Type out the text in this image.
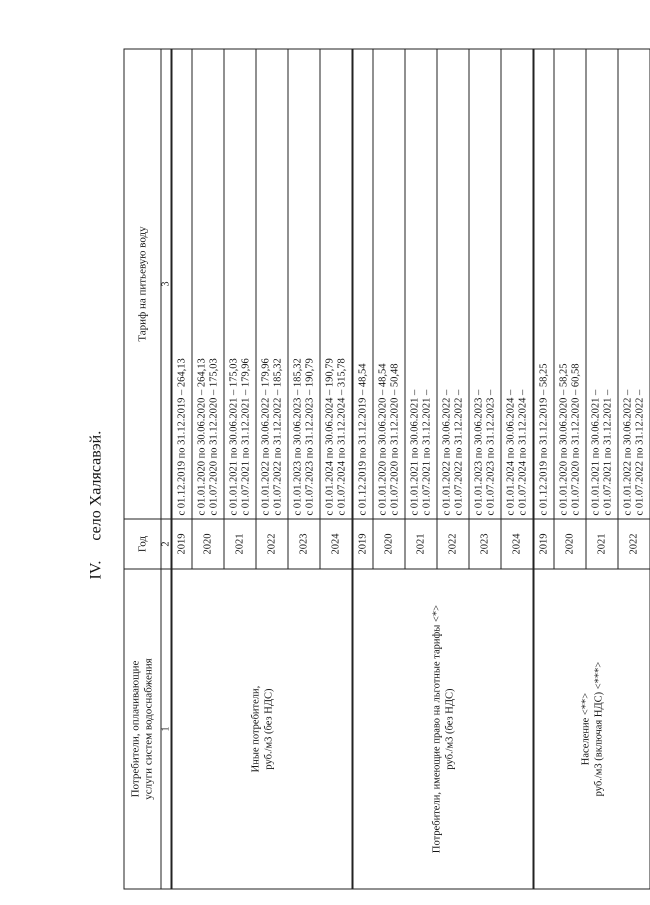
IV.     село Халясавэй.
Потребители, оплачивающие услуги систем водоснабжения	Год	Тариф на питьевую воду
1	2	3

Иные потребители, руб./м3 (без НДС)	2019	с 01.12.2019 по 31.12.2019 – 264,13

	2020	с 01.01.2020 по 30.06.2020 – 264,13 с 01.07.2020 по 31.12.2020 – 175,03

	2021	с 01.01.2021 по 30.06.2021 – 175,03 с 01.07.2021 по 31.12.2021 – 179,96

	2022	с 01.01.2022 по 30.06.2022 – 179,96 с 01.07.2022 по 31.12.2022 – 185,32

	2023	с 01.01.2023 по 30.06.2023 – 185,32 с 01.07.2023 по 31.12.2023 – 190,79

	2024	с 01.01.2024 по 30.06.2024 – 190,79 с 01.07.2024 по 31.12.2024 – 315,78

Потребители, имеющие право на льготные тарифы <*> руб./м3 (без НДС)	2019	с 01.12.2019 по 31.12.2019 – 48,54

	2020	с 01.01.2020 по 30.06.2020 – 48,54 с 01.07.2020 по 31.12.2020 – 50,48

	2021	с 01.01.2021 по 30.06.2021 – с 01.07.2021 по 31.12.2021 –

	2022	с 01.01.2022 по 30.06.2022 – с 01.07.2022 по 31.12.2022 –

	2023	с 01.01.2023 по 30.06.2023 – с 01.07.2023 по 31.12.2023 –

	2024	с 01.01.2024 по 30.06.2024 – с 01.07.2024 по 31.12.2024 –

Население <**> руб./м3 (включая НДС) <***>	2019	с 01.12.2019 по 31.12.2019 – 58,25

	2020	с 01.01.2020 по 30.06.2020 – 58,25 с 01.07.2020 по 31.12.2020 – 60,58

	2021	с 01.01.2021 по 30.06.2021 – с 01.07.2021 по 31.12.2021 –

	2022	с 01.01.2022 по 30.06.2022 – с 01.07.2022 по 31.12.2022 –
